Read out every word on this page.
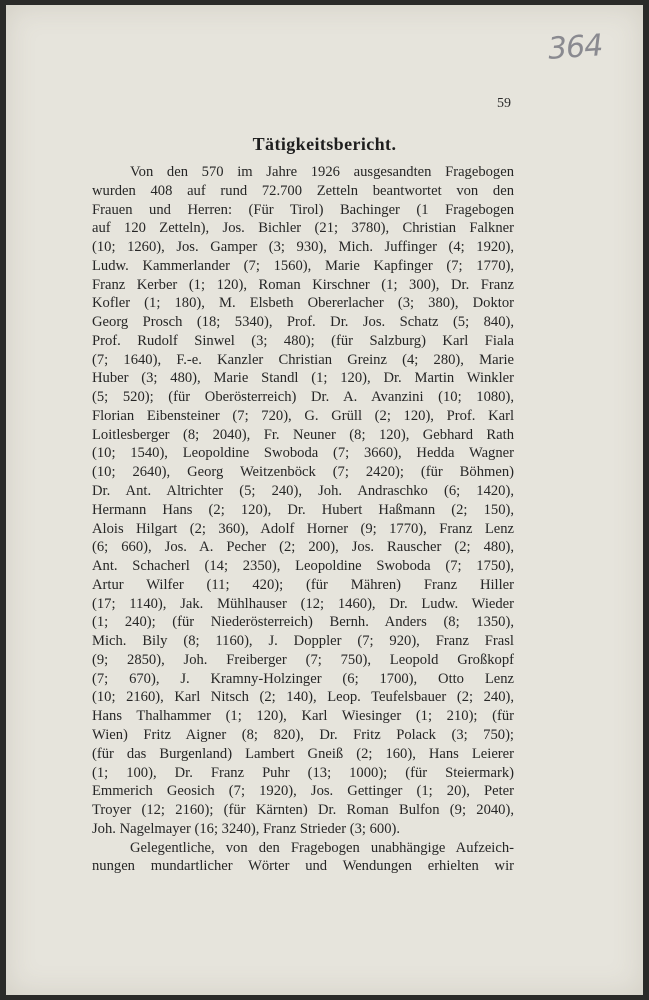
364
59
Tätigkeitsbericht.
Von den 570 im Jahre 1926 ausgesandten Fragebogen
wurden 408 auf rund 72.700 Zetteln beantwortet von den
Frauen und Herren: (Für Tirol) Bachinger (1 Fragebogen
auf 120 Zetteln), Jos. Bichler (21; 3780), Christian Falkner
(10; 1260), Jos. Gamper (3; 930), Mich. Juffinger (4; 1920),
Ludw. Kammerlander (7; 1560), Marie Kapfinger (7; 1770),
Franz Kerber (1; 120), Roman Kirschner (1; 300), Dr. Franz
Kofler (1; 180), M. Elsbeth Obererlacher (3; 380), Doktor
Georg Prosch (18; 5340), Prof. Dr. Jos. Schatz (5; 840),
Prof. Rudolf Sinwel (3; 480); (für Salzburg) Karl Fiala
(7; 1640), F.-e. Kanzler Christian Greinz (4; 280), Marie
Huber (3; 480), Marie Standl (1; 120), Dr. Martin Winkler
(5; 520); (für Oberösterreich) Dr. A. Avanzini (10; 1080),
Florian Eibensteiner (7; 720), G. Grüll (2; 120), Prof. Karl
Loitlesberger (8; 2040), Fr. Neuner (8; 120), Gebhard Rath
(10; 1540), Leopoldine Swoboda (7; 3660), Hedda Wagner
(10; 2640), Georg Weitzenböck (7; 2420); (für Böhmen)
Dr. Ant. Altrichter (5; 240), Joh. Andraschko (6; 1420),
Hermann Hans (2; 120), Dr. Hubert Haßmann (2; 150),
Alois Hilgart (2; 360), Adolf Horner (9; 1770), Franz Lenz
(6; 660), Jos. A. Pecher (2; 200), Jos. Rauscher (2; 480),
Ant. Schacherl (14; 2350), Leopoldine Swoboda (7; 1750),
Artur Wilfer (11; 420); (für Mähren) Franz Hiller
(17; 1140), Jak. Mühlhauser (12; 1460), Dr. Ludw. Wieder
(1; 240); (für Niederösterreich) Bernh. Anders (8; 1350),
Mich. Bily (8; 1160), J. Doppler (7; 920), Franz Frasl
(9; 2850), Joh. Freiberger (7; 750), Leopold Großkopf
(7; 670), J. Kramny-Holzinger (6; 1700), Otto Lenz
(10; 2160), Karl Nitsch (2; 140), Leop. Teufelsbauer (2; 240),
Hans Thalhammer (1; 120), Karl Wiesinger (1; 210); (für
Wien) Fritz Aigner (8; 820), Dr. Fritz Polack (3; 750);
(für das Burgenland) Lambert Gneiß (2; 160), Hans Leierer
(1; 100), Dr. Franz Puhr (13; 1000); (für Steiermark)
Emmerich Geosich (7; 1920), Jos. Gettinger (1; 20), Peter
Troyer (12; 2160); (für Kärnten) Dr. Roman Bulfon (9; 2040),
Joh. Nagelmayer (16; 3240), Franz Strieder (3; 600).
Gelegentliche, von den Fragebogen unabhängige Aufzeich-
nungen mundartlicher Wörter und Wendungen erhielten wir
